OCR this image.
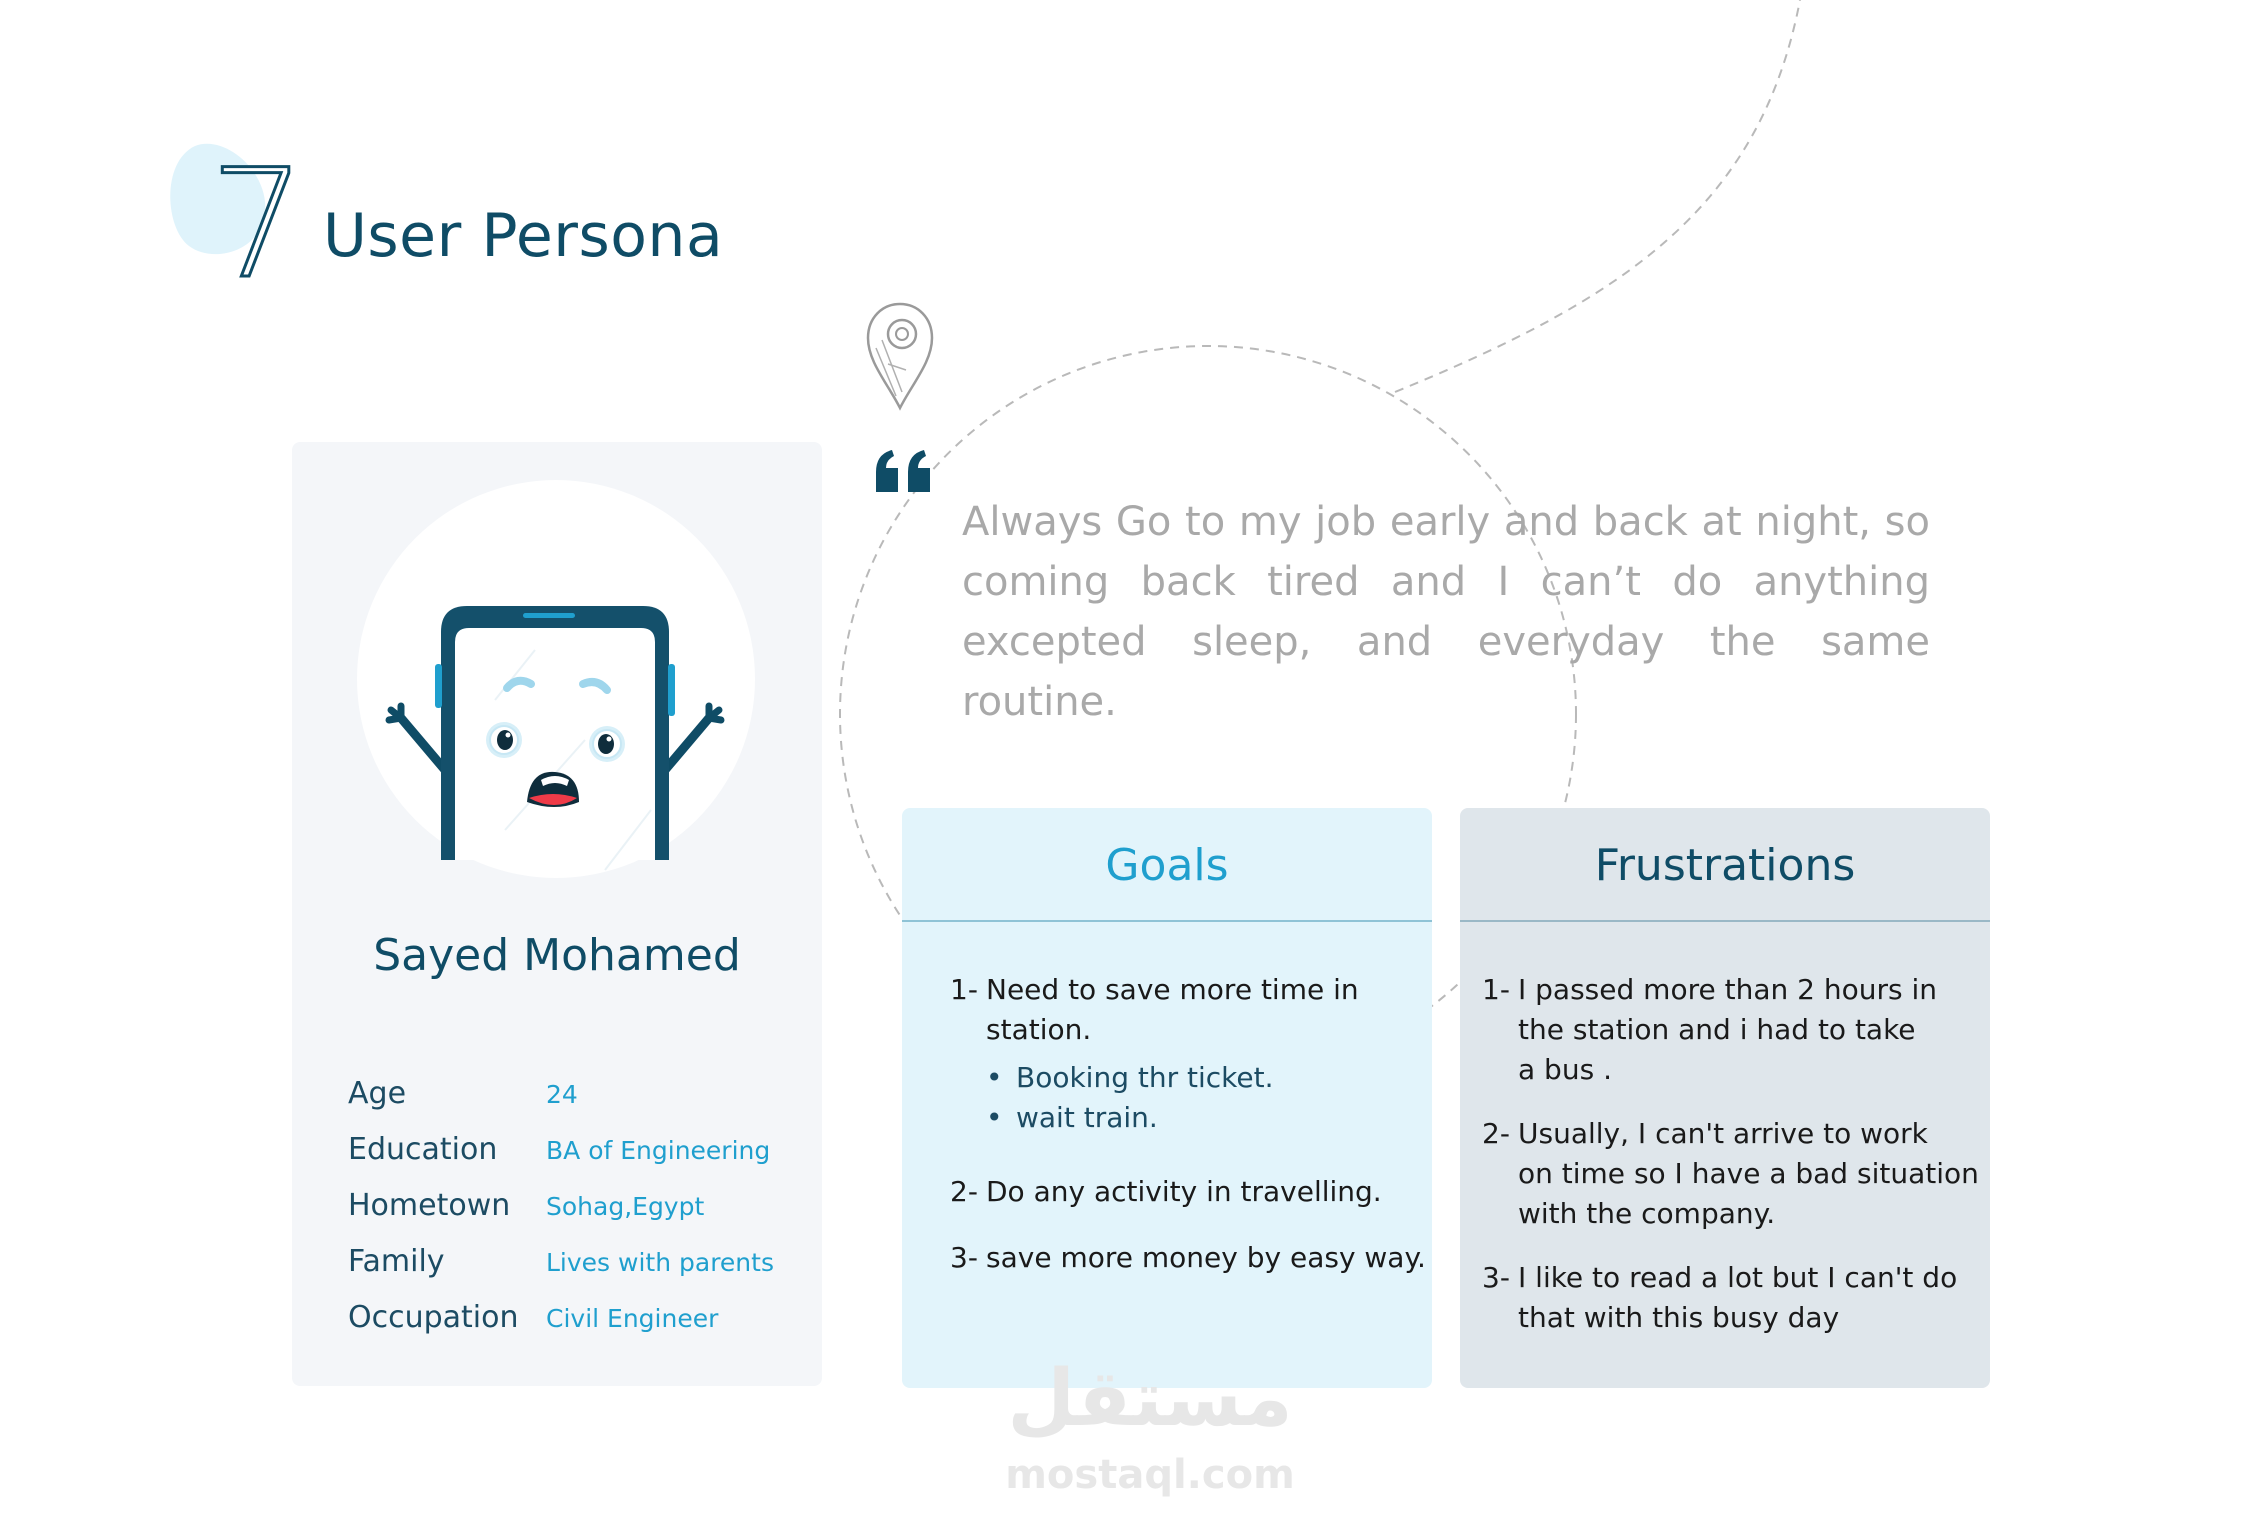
7 User Persona
Sayed Mohamed
Age	24
Education BA of Engineering
Hometown Sohag,Egypt
Family	Lives with parents
Occupation Civil Engineer
Always Go to my job early and back at night, so
coming back tired and I can’t do anything
excepted sleep, and everyday the same routine.
Goals
1- Need to save more time in
station.
• Booking thr ticket.
• wait train.
2- Do any activity in travelling.
3- save more money by easy way.
Frustrations
1- I passed more than 2 hours in
the station and i had to take
a bus .
2- Usually, I can't arrive to work
on time so I have a bad situation
with the company.
3- I like to read a lot but I can't do
that with this busy day
مستقل
mostaql.com
